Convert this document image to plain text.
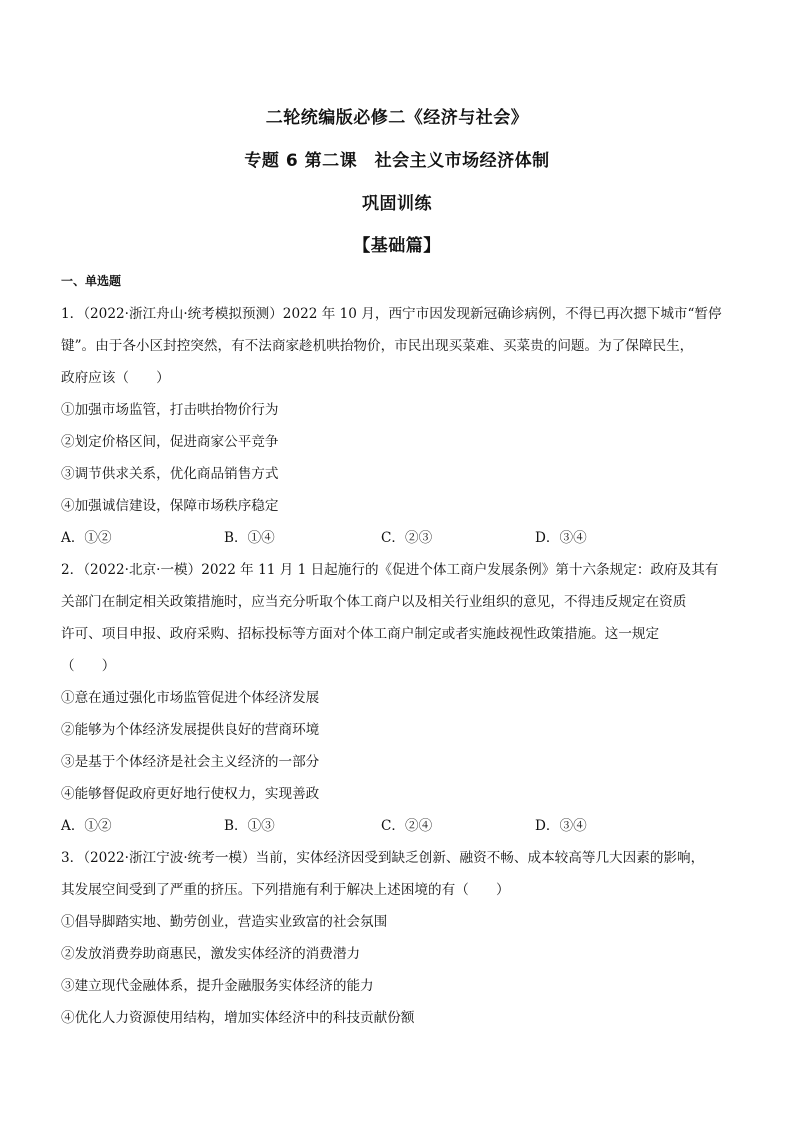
二轮统编版必修二《经济与社会》
专题 6 第二课　社会主义市场经济体制
巩固训练
【基础篇】
一、单选题
1．（2022·浙江舟山·统考模拟预测）2022 年 10 月，西宁市因发现新冠确诊病例，不得已再次摁下城市“暂停
键”。由于各小区封控突然，有不法商家趁机哄抬物价，市民出现买菜难、买菜贵的问题。为了保障民生，
政府应该（　　）
①加强市场监管，打击哄抬物价行为
②划定价格区间，促进商家公平竞争
③调节供求关系，优化商品销售方式
④加强诚信建设，保障市场秩序稳定
A．①②	B．①④	C．②③	D．③④
2．（2022·北京·一模）2022 年 11 月 1 日起施行的《促进个体工商户发展条例》第十六条规定：政府及其有
关部门在制定相关政策措施时，应当充分听取个体工商户以及相关行业组织的意见，不得违反规定在资质
许可、项目申报、政府采购、招标投标等方面对个体工商户制定或者实施歧视性政策措施。这一规定
（　　）
①意在通过强化市场监管促进个体经济发展
②能够为个体经济发展提供良好的营商环境
③是基于个体经济是社会主义经济的一部分
④能够督促政府更好地行使权力，实现善政
A．①②	B．①③	C．②④	D．③④
3．（2022·浙江宁波·统考一模）当前，实体经济因受到缺乏创新、融资不畅、成本较高等几大因素的影响，
其发展空间受到了严重的挤压。下列措施有利于解决上述困境的有（　　）
①倡导脚踏实地、勤劳创业，营造实业致富的社会氛围
②发放消费券助商惠民，激发实体经济的消费潜力
③建立现代金融体系，提升金融服务实体经济的能力
④优化人力资源使用结构，增加实体经济中的科技贡献份额
